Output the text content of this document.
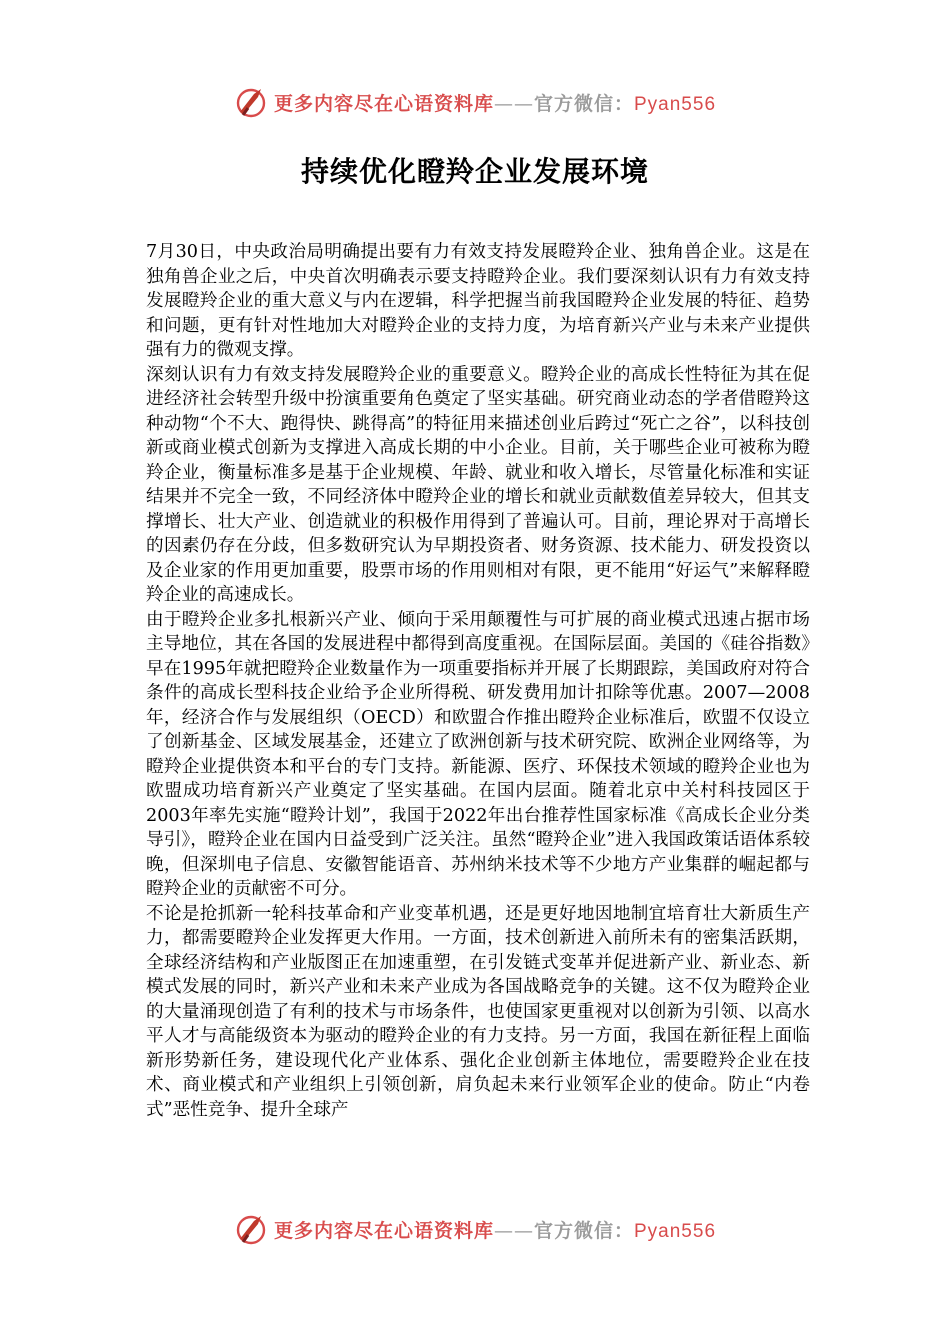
更多内容尽在心语资料库——官方微信：Pyan556
持续优化瞪羚企业发展环境

7月30日，中央政治局明确提出要有力有效支持发展瞪羚企业、独角兽企业。这是在独角兽企业之后，中央首次明确表示要支持瞪羚企业。我们要深刻认识有力有效支持发展瞪羚企业的重大意义与内在逻辑，科学把握当前我国瞪羚企业发展的特征、趋势和问题，更有针对性地加大对瞪羚企业的支持力度，为培育新兴产业与未来产业提供强有力的微观支撑。

深刻认识有力有效支持发展瞪羚企业的重要意义。瞪羚企业的高成长性特征为其在促进经济社会转型升级中扮演重要角色奠定了坚实基础。研究商业动态的学者借瞪羚这种动物“个不大、跑得快、跳得高”的特征用来描述创业后跨过“死亡之谷”，以科技创新或商业模式创新为支撑进入高成长期的中小企业。目前，关于哪些企业可被称为瞪羚企业，衡量标准多是基于企业规模、年龄、就业和收入增长，尽管量化标准和实证结果并不完全一致，不同经济体中瞪羚企业的增长和就业贡献数值差异较大，但其支撑增长、壮大产业、创造就业的积极作用得到了普遍认可。目前，理论界对于高增长的因素仍存在分歧，但多数研究认为早期投资者、财务资源、技术能力、研发投资以及企业家的作用更加重要，股票市场的作用则相对有限，更不能用“好运气”来解释瞪羚企业的高速成长。

由于瞪羚企业多扎根新兴产业、倾向于采用颠覆性与可扩展的商业模式迅速占据市场主导地位，其在各国的发展进程中都得到高度重视。在国际层面。美国的《硅谷指数》早在1995年就把瞪羚企业数量作为一项重要指标并开展了长期跟踪，美国政府对符合条件的高成长型科技企业给予企业所得税、研发费用加计扣除等优惠。2007—2008年，经济合作与发展组织（OECD）和欧盟合作推出瞪羚企业标准后，欧盟不仅设立了创新基金、区域发展基金，还建立了欧洲创新与技术研究院、欧洲企业网络等，为瞪羚企业提供资本和平台的专门支持。新能源、医疗、环保技术领域的瞪羚企业也为欧盟成功培育新兴产业奠定了坚实基础。在国内层面。随着北京中关村科技园区于2003年率先实施“瞪羚计划”，我国于2022年出台推荐性国家标准《高成长企业分类导引》，瞪羚企业在国内日益受到广泛关注。虽然“瞪羚企业”进入我国政策话语体系较晚，但深圳电子信息、安徽智能语音、苏州纳米技术等不少地方产业集群的崛起都与瞪羚企业的贡献密不可分。

不论是抢抓新一轮科技革命和产业变革机遇，还是更好地因地制宜培育壮大新质生产力，都需要瞪羚企业发挥更大作用。一方面，技术创新进入前所未有的密集活跃期，全球经济结构和产业版图正在加速重塑，在引发链式变革并促进新产业、新业态、新模式发展的同时，新兴产业和未来产业成为各国战略竞争的关键。这不仅为瞪羚企业的大量涌现创造了有利的技术与市场条件，也使国家更重视对以创新为引领、以高水平人才与高能级资本为驱动的瞪羚企业的有力支持。另一方面，我国在新征程上面临新形势新任务，建设现代化产业体系、强化企业创新主体地位，需要瞪羚企业在技术、商业模式和产业组织上引领创新，肩负起未来行业领军企业的使命。防止“内卷式”恶性竞争、提升全球产

更多内容尽在心语资料库——官方微信：Pyan556
